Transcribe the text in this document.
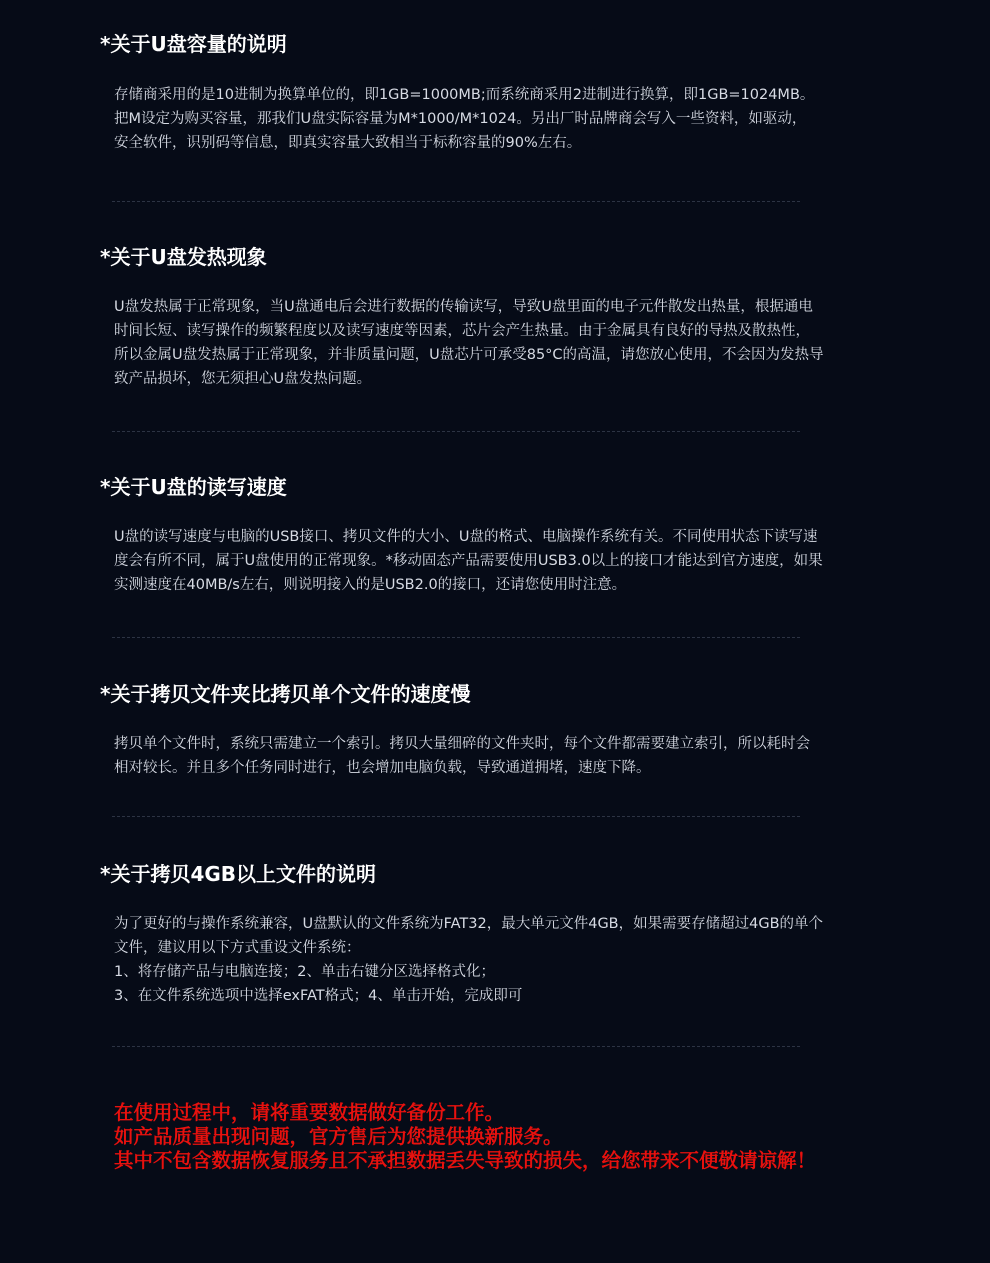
*关于U盘容量的说明

存储商采用的是10进制为换算单位的，即1GB=1000MB;而系统商采用2进制进行换算，即1GB=1024MB。

把M设定为购买容量，那我们U盘实际容量为M*1000/M*1024。另出厂时品牌商会写入一些资料，如驱动，

安全软件，识别码等信息，即真实容量大致相当于标称容量的90%左右。

*关于U盘发热现象

U盘发热属于正常现象，当U盘通电后会进行数据的传输读写，导致U盘里面的电子元件散发出热量，根据通电

时间长短、读写操作的频繁程度以及读写速度等因素，芯片会产生热量。由于金属具有良好的导热及散热性，

所以金属U盘发热属于正常现象，并非质量问题，U盘芯片可承受85°C的高温，请您放心使用，不会因为发热导

致产品损坏，您无须担心U盘发热问题。

*关于U盘的读写速度

U盘的读写速度与电脑的USB接口、拷贝文件的大小、U盘的格式、电脑操作系统有关。不同使用状态下读写速

度会有所不同，属于U盘使用的正常现象。*移动固态产品需要使用USB3.0以上的接口才能达到官方速度，如果

实测速度在40MB/s左右，则说明接入的是USB2.0的接口，还请您使用时注意。

*关于拷贝文件夹比拷贝单个文件的速度慢

拷贝单个文件时，系统只需建立一个索引。拷贝大量细碎的文件夹时，每个文件都需要建立索引，所以耗时会

相对较长。并且多个任务同时进行，也会增加电脑负载，导致通道拥堵，速度下降。

*关于拷贝4GB以上文件的说明

为了更好的与操作系统兼容，U盘默认的文件系统为FAT32，最大单元文件4GB，如果需要存储超过4GB的单个

文件，建议用以下方式重设文件系统：

1、将存储产品与电脑连接；2、单击右键分区选择格式化；

3、在文件系统选项中选择exFAT格式；4、单击开始，完成即可

在使用过程中，请将重要数据做好备份工作。

如产品质量出现问题，官方售后为您提供换新服务。

其中不包含数据恢复服务且不承担数据丢失导致的损失，给您带来不便敬请谅解！
